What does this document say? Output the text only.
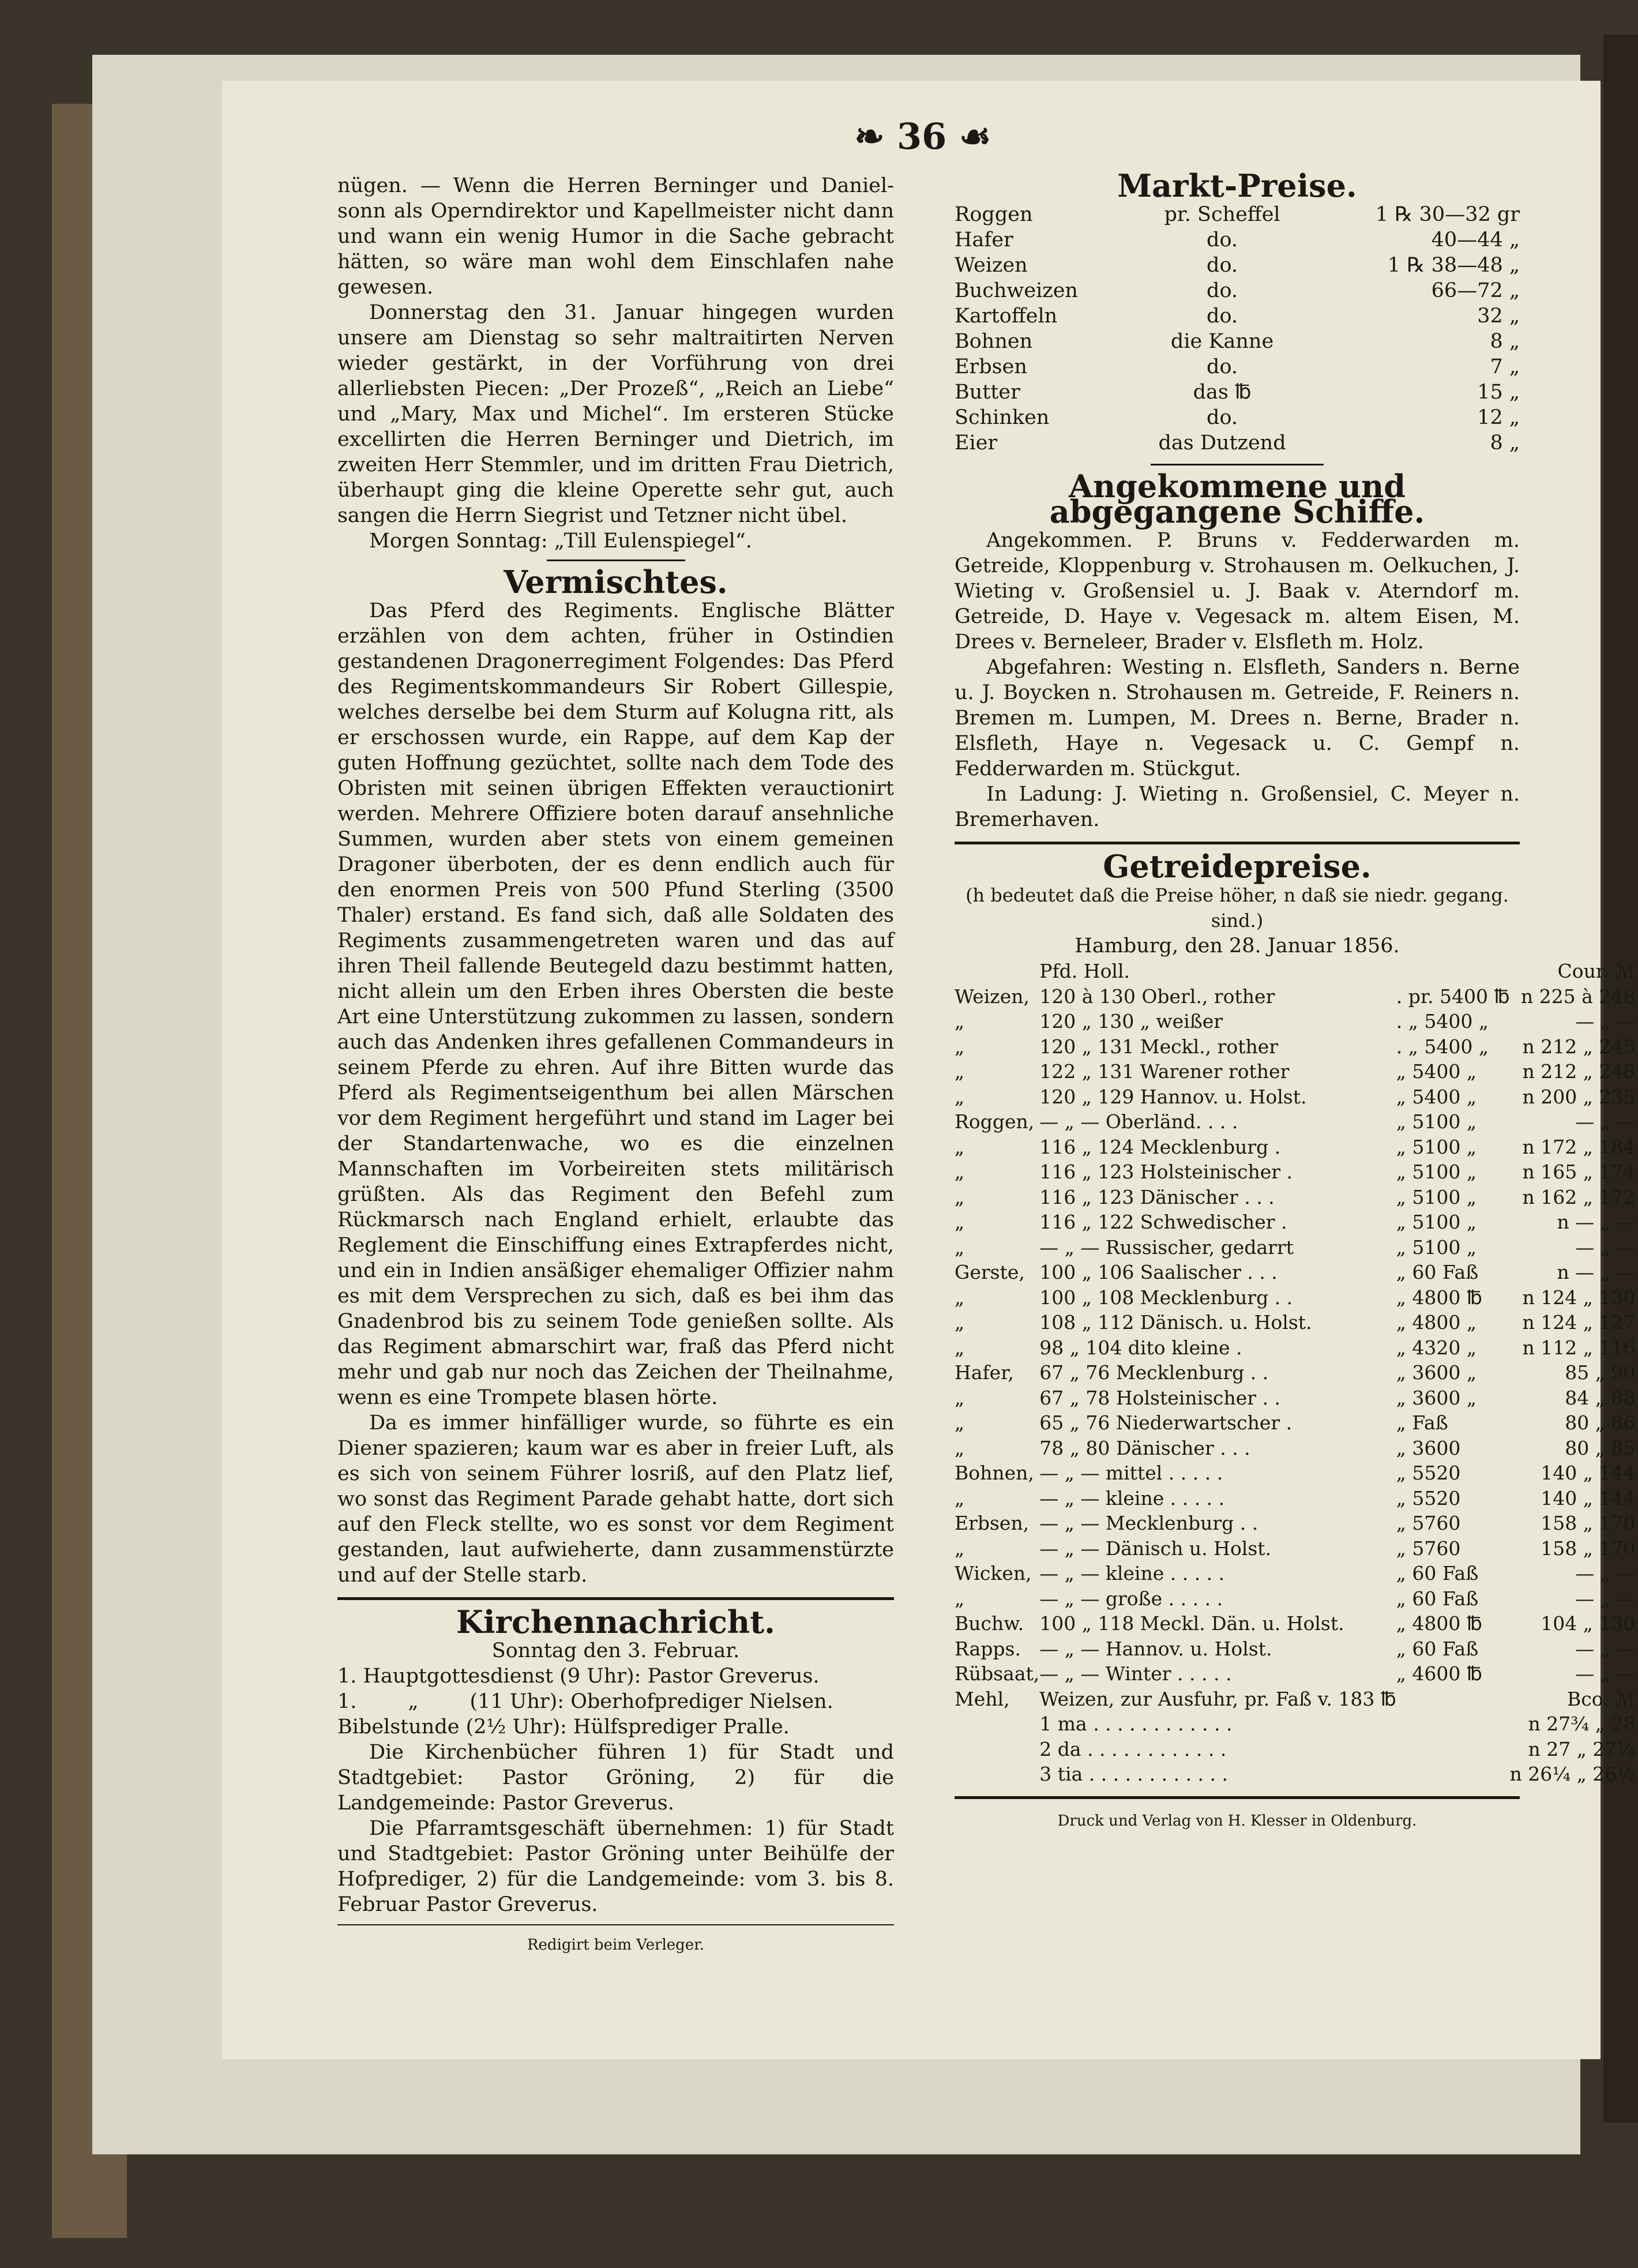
❧ 36 ☙

nügen. — Wenn die Herren Berninger und Daniel-sonn als Operndirektor und Kapellmeister nicht dann und wann ein wenig Humor in die Sache gebracht hätten, so wäre man wohl dem Einschlafen nahe gewesen.

Donnerstag den 31. Januar hingegen wurden unsere am Dienstag so sehr maltraitirten Nerven wieder gestärkt, in der Vorführung von drei allerliebsten Piecen: „Der Prozeß“, „Reich an Liebe“ und „Mary, Max und Michel“. Im ersteren Stücke excellirten die Herren Berninger und Dietrich, im zweiten Herr Stemmler, und im dritten Frau Dietrich, überhaupt ging die kleine Operette sehr gut, auch sangen die Herrn Siegrist und Tetzner nicht übel.

Morgen Sonntag: „Till Eulenspiegel“.

Vermischtes.

Das Pferd des Regiments. Englische Blätter erzählen von dem achten, früher in Ostindien gestandenen Dragonerregiment Folgendes: Das Pferd des Regimentskommandeurs Sir Robert Gillespie, welches derselbe bei dem Sturm auf Kolugna ritt, als er erschossen wurde, ein Rappe, auf dem Kap der guten Hoffnung gezüchtet, sollte nach dem Tode des Obristen mit seinen übrigen Effekten verauctionirt werden. Mehrere Offiziere boten darauf ansehnliche Summen, wurden aber stets von einem gemeinen Dragoner überboten, der es denn endlich auch für den enormen Preis von 500 Pfund Sterling (3500 Thaler) erstand. Es fand sich, daß alle Soldaten des Regiments zusammengetreten waren und das auf ihren Theil fallende Beutegeld dazu bestimmt hatten, nicht allein um den Erben ihres Obersten die beste Art eine Unterstützung zukommen zu lassen, sondern auch das Andenken ihres gefallenen Commandeurs in seinem Pferde zu ehren. Auf ihre Bitten wurde das Pferd als Regimentseigenthum bei allen Märschen vor dem Regiment hergeführt und stand im Lager bei der Standartenwache, wo es die einzelnen Mannschaften im Vorbeireiten stets militärisch grüßten. Als das Regiment den Befehl zum Rückmarsch nach England erhielt, erlaubte das Reglement die Einschiffung eines Extrapferdes nicht, und ein in Indien ansäßiger ehemaliger Offizier nahm es mit dem Versprechen zu sich, daß es bei ihm das Gnadenbrod bis zu seinem Tode genießen sollte. Als das Regiment abmarschirt war, fraß das Pferd nicht mehr und gab nur noch das Zeichen der Theilnahme, wenn es eine Trompete blasen hörte.

Da es immer hinfälliger wurde, so führte es ein Diener spazieren; kaum war es aber in freier Luft, als es sich von seinem Führer losriß, auf den Platz lief, wo sonst das Regiment Parade gehabt hatte, dort sich auf den Fleck stellte, wo es sonst vor dem Regiment gestanden, laut aufwieherte, dann zusammenstürzte und auf der Stelle starb.

Kirchennachricht.

Sonntag den 3. Februar.

1. Hauptgottesdienst (9 Uhr): Pastor Greverus.

1.        „        (11 Uhr): Oberhofprediger Nielsen.

Bibelstunde (2½ Uhr): Hülfsprediger Pralle.

Die Kirchenbücher führen 1) für Stadt und Stadtgebiet: Pastor Gröning, 2) für die Landgemeinde: Pastor Greverus.

Die Pfarramtsgeschäft übernehmen: 1) für Stadt und Stadtgebiet: Pastor Gröning unter Beihülfe der Hofprediger, 2) für die Landgemeinde: vom 3. bis 8. Februar Pastor Greverus.

Redigirt beim Verleger.

Markt-Preise.
Roggen	pr. Scheffel	1 ℞ 30—32 gr
Hafer	do.	40—44 „
Weizen	do.	1 ℞ 38—48 „
Buchweizen	do.	66—72 „
Kartoffeln	do.	32 „
Bohnen	die Kanne	8 „
Erbsen	do.	7 „
Butter	das ℔	15 „
Schinken	do.	12 „
Eier	das Dutzend	8 „
Angekommene und abgegangene Schiffe.

Angekommen. P. Bruns v. Fedderwarden m. Getreide, Kloppenburg v. Strohausen m. Oelkuchen, J. Wieting v. Großensiel u. J. Baak v. Aterndorf m. Getreide, D. Haye v. Vegesack m. altem Eisen, M. Drees v. Berneleer, Brader v. Elsfleth m. Holz.

Abgefahren: Westing n. Elsfleth, Sanders n. Berne u. J. Boycken n. Strohausen m. Getreide, F. Reiners n. Bremen m. Lumpen, M. Drees n. Berne, Brader n. Elsfleth, Haye n. Vegesack u. C. Gempf n. Fedderwarden m. Stückgut.

In Ladung: J. Wieting n. Großensiel, C. Meyer n. Bremerhaven.

Getreidepreise.

(h bedeutet daß die Preise höher, n daß sie niedr. gegang. sind.)

Hamburg, den 28. Januar 1856.

	Pfd. Holl.		Cour. ℳ
Weizen,	120 à 130 Oberl., rother	. pr. 5400 ℔	n 225 à 248
„	120 „ 130 „ weißer	. „ 5400 „	— „ —
„	120 „ 131 Meckl., rother	. „ 5400 „	n 212 „ 245
„	122 „ 131 Warener rother	„ 5400 „	n 212 „ 248
„	120 „ 129 Hannov. u. Holst.	„ 5400 „	n 200 „ 235
Roggen,	— „ — Oberländ. . . .	„ 5100 „	— „ —
„	116 „ 124 Mecklenburg .	„ 5100 „	n 172 „ 184
„	116 „ 123 Holsteinischer .	„ 5100 „	n 165 „ 174
„	116 „ 123 Dänischer . . .	„ 5100 „	n 162 „ 172
„	116 „ 122 Schwedischer .	„ 5100 „	n — „ —
„	— „ — Russischer, gedarrt	„ 5100 „	— „ —
Gerste,	100 „ 106 Saalischer . . .	„ 60 Faß	n — „ —
„	100 „ 108 Mecklenburg . .	„ 4800 ℔	n 124 „ 130
„	108 „ 112 Dänisch. u. Holst.	„ 4800 „	n 124 „ 127
„	98 „ 104 dito kleine .	„ 4320 „	n 112 „ 116
Hafer,	67 „ 76 Mecklenburg . .	„ 3600 „	85 „ 90
„	67 „ 78 Holsteinischer . .	„ 3600 „	84 „ 88
„	65 „ 76 Niederwartscher .	„ Faß	80 „ 86
„	78 „ 80 Dänischer . . .	„ 3600	80 „ 85
Bohnen,	— „ — mittel . . . . .	„ 5520	140 „ 144
„	— „ — kleine . . . . .	„ 5520	140 „ 144
Erbsen,	— „ — Mecklenburg . .	„ 5760	158 „ 170
„	— „ — Dänisch u. Holst.	„ 5760	158 „ 170
Wicken,	— „ — kleine . . . . .	„ 60 Faß	— „ —
„	— „ — große . . . . .	„ 60 Faß	— „ —
Buchw.	100 „ 118 Meckl. Dän. u. Holst.	„ 4800 ℔	104 „ 130
Rapps.	— „ — Hannov. u. Holst.	„ 60 Faß	— „ —
Rübsaat,	— „ — Winter . . . . .	„ 4600 ℔	— „ —
Mehl,	Weizen, zur Ausfuhr, pr. Faß v. 183 ℔		Bco. ℳ
	1 ma . . . . . . . . . . . .		n 27¾ „ 28
	2 da . . . . . . . . . . . .		n 27 „ 27¼
	3 tia . . . . . . . . . . . .		n 26¼ „ 26½

Druck und Verlag von H. Klesser in Oldenburg.
